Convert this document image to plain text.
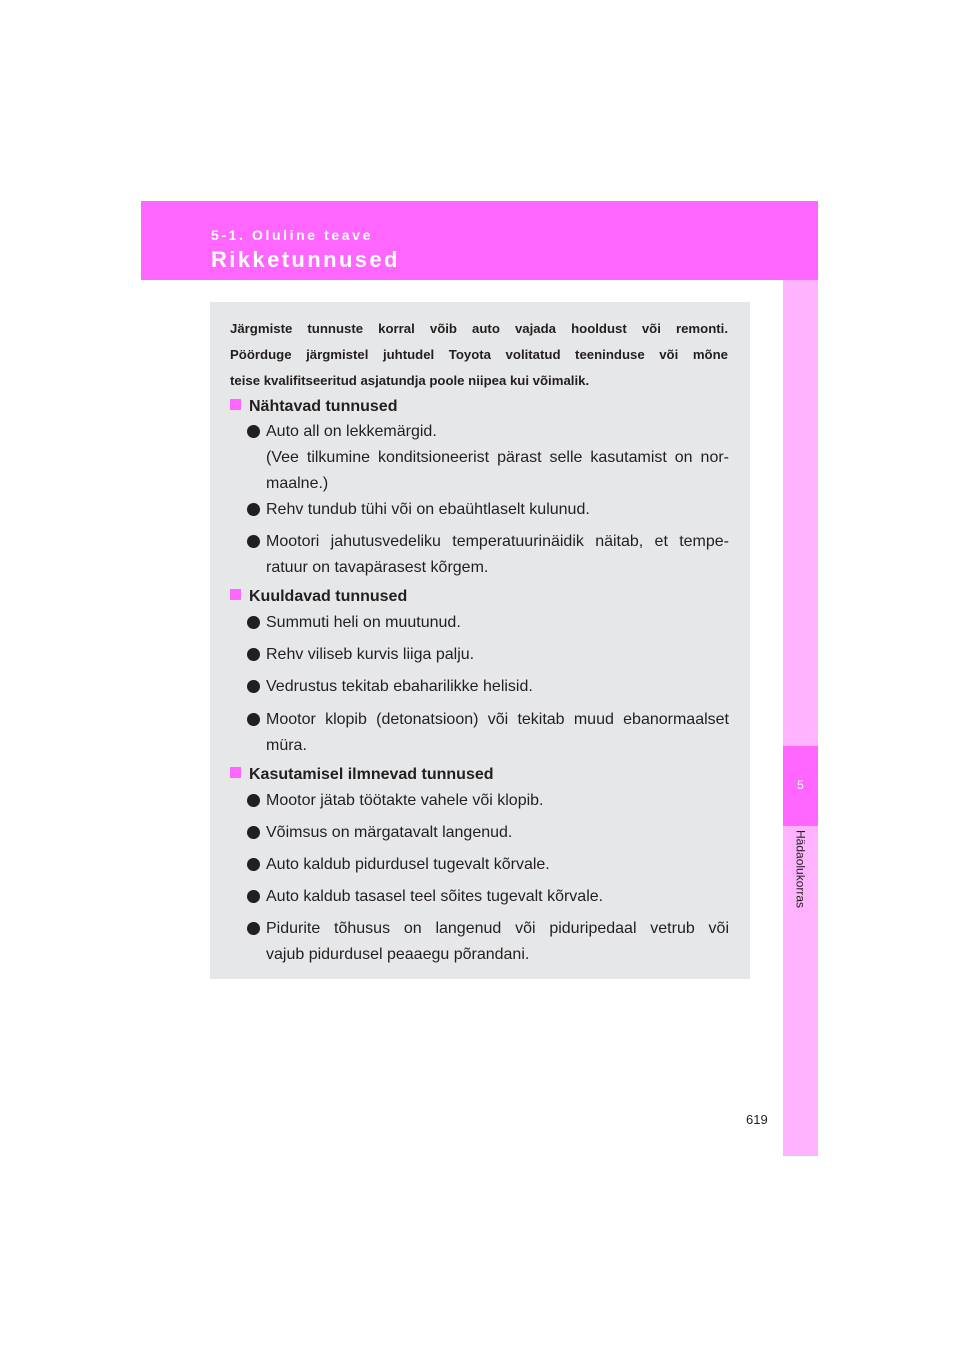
5-1. Oluline teave
Rikketunnused
5
Hädaolukorras
Järgmiste tunnuste korral võib auto vajada hooldust või remonti.
Pöörduge järgmistel juhtudel Toyota volitatud teeninduse või mõne
teise kvalifitseeritud asjatundja poole niipea kui võimalik.
Nähtavad tunnused
Auto all on lekkemärgid.
(Vee tilkumine konditsioneerist pärast selle kasutamist on nor-
maalne.)
Rehv tundub tühi või on ebaühtlaselt kulunud.
Mootori jahutusvedeliku temperatuurinäidik näitab, et tempe-
ratuur on tavapärasest kõrgem.
Kuuldavad tunnused
Summuti heli on muutunud.
Rehv viliseb kurvis liiga palju.
Vedrustus tekitab ebaharilikke helisid.
Mootor klopib (detonatsioon) või tekitab muud ebanormaalset
müra.
Kasutamisel ilmnevad tunnused
Mootor jätab töötakte vahele või klopib.
Võimsus on märgatavalt langenud.
Auto kaldub pidurdusel tugevalt kõrvale.
Auto kaldub tasasel teel sõites tugevalt kõrvale.
Pidurite tõhusus on langenud või piduripedaal vetrub või
vajub pidurdusel peaaegu põrandani.
619
